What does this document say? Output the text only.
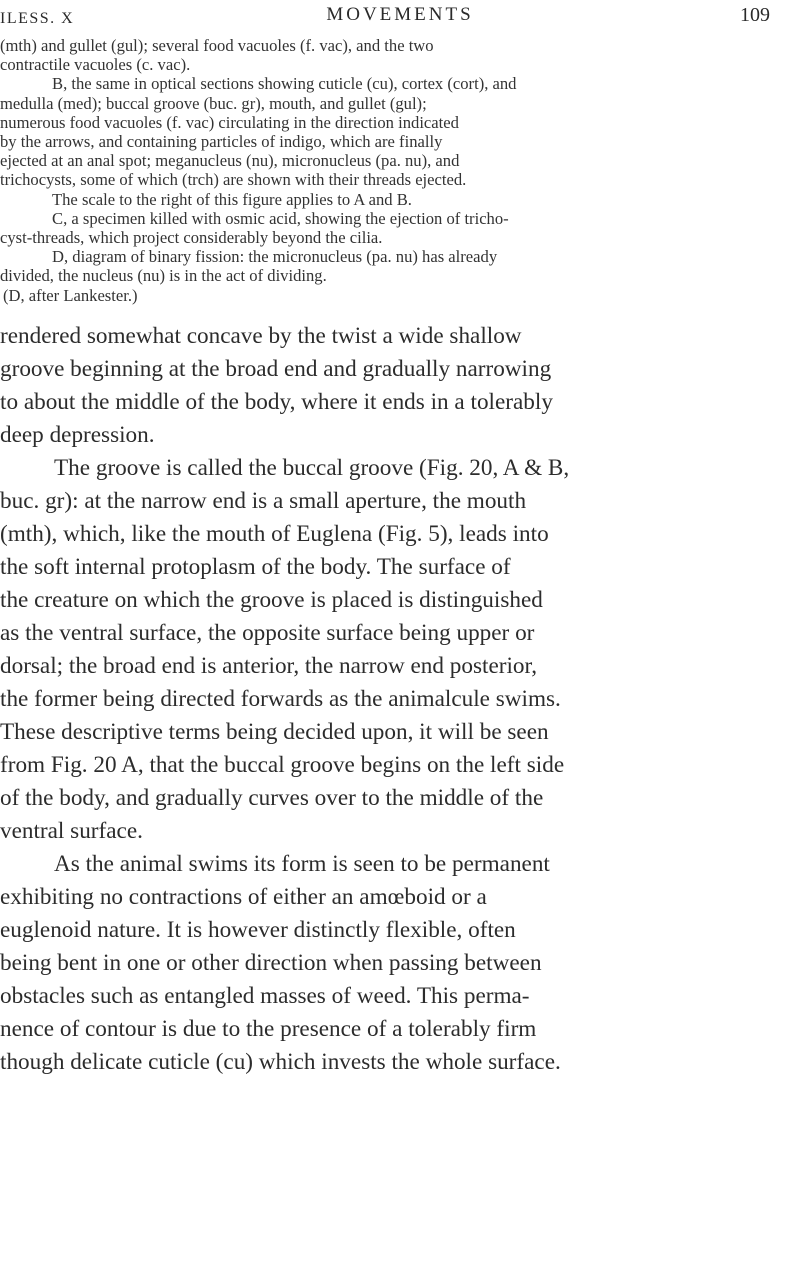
ILESS. X	MOVEMENTS	109

(mth) and gullet (gul); several food vacuoles (f. vac), and the two

contractile vacuoles (c. vac).

B, the same in optical sections showing cuticle (cu), cortex (cort), and

medulla (med); buccal groove (buc. gr), mouth, and gullet (gul);

numerous food vacuoles (f. vac) circulating in the direction indicated

by the arrows, and containing particles of indigo, which are finally

ejected at an anal spot; meganucleus (nu), micronucleus (pa. nu), and

trichocysts, some of which (trch) are shown with their threads ejected.

The scale to the right of this figure applies to A and B.

C, a specimen killed with osmic acid, showing the ejection of tricho-

cyst-threads, which project considerably beyond the cilia.

D, diagram of binary fission: the micronucleus (pa. nu) has already

divided, the nucleus (nu) is in the act of dividing.

(D, after Lankester.)

rendered somewhat concave by the twist a wide shallow

groove beginning at the broad end and gradually narrowing

to about the middle of the body, where it ends in a tolerably

deep depression.

The groove is called the buccal groove (Fig. 20, A & B,

buc. gr): at the narrow end is a small aperture, the mouth

(mth), which, like the mouth of Euglena (Fig. 5), leads into

the soft internal protoplasm of the body. The surface of

the creature on which the groove is placed is distinguished

as the ventral surface, the opposite surface being upper or

dorsal; the broad end is anterior, the narrow end posterior,

the former being directed forwards as the animalcule swims.

These descriptive terms being decided upon, it will be seen

from Fig. 20 A, that the buccal groove begins on the left side

of the body, and gradually curves over to the middle of the

ventral surface.

As the animal swims its form is seen to be permanent

exhibiting no contractions of either an amœboid or a

euglenoid nature. It is however distinctly flexible, often

being bent in one or other direction when passing between

obstacles such as entangled masses of weed. This perma-

nence of contour is due to the presence of a tolerably firm

though delicate cuticle (cu) which invests the whole surface.
